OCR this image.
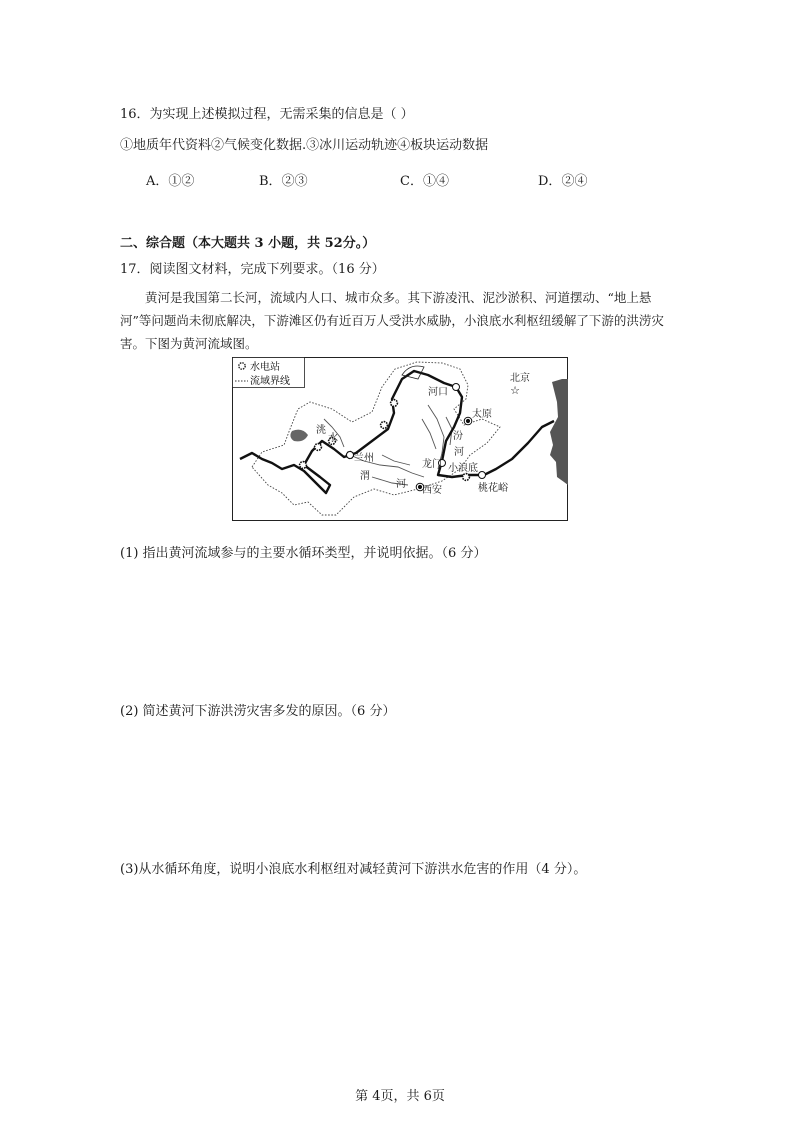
16．为实现上述模拟过程，无需采集的信息是（ ）
①地质年代资料②气候变化数据.③冰川运动轨迹④板块运动数据
A．①②	B．②③	C．①④	D．②④
二、综合题（本大题共 3 小题，共 52分。）
17．阅读图文材料，完成下列要求。（16 分）
黄河是我国第二长河，流域内人口、城市众多。其下游凌汛、泥沙淤积、河道摆动、“地上悬河”等问题尚未彻底解决，下游滩区仍有近百万人受洪水威胁，小浪底水利枢纽缓解了下游的洪涝灾害。下图为黄河流域图。
水电站
流域界线
☆
北京
河口
太原
汾
河
洮
水
兰州
渭
河
龙门 小浪底
西安	桃花峪
(1) 指出黄河流域参与的主要水循环类型，并说明依据。（6 分）
(2) 简述黄河下游洪涝灾害多发的原因。（6 分）
(3)从水循环角度，说明小浪底水利枢纽对减轻黄河下游洪水危害的作用（4 分）。
第 4页，共 6页
